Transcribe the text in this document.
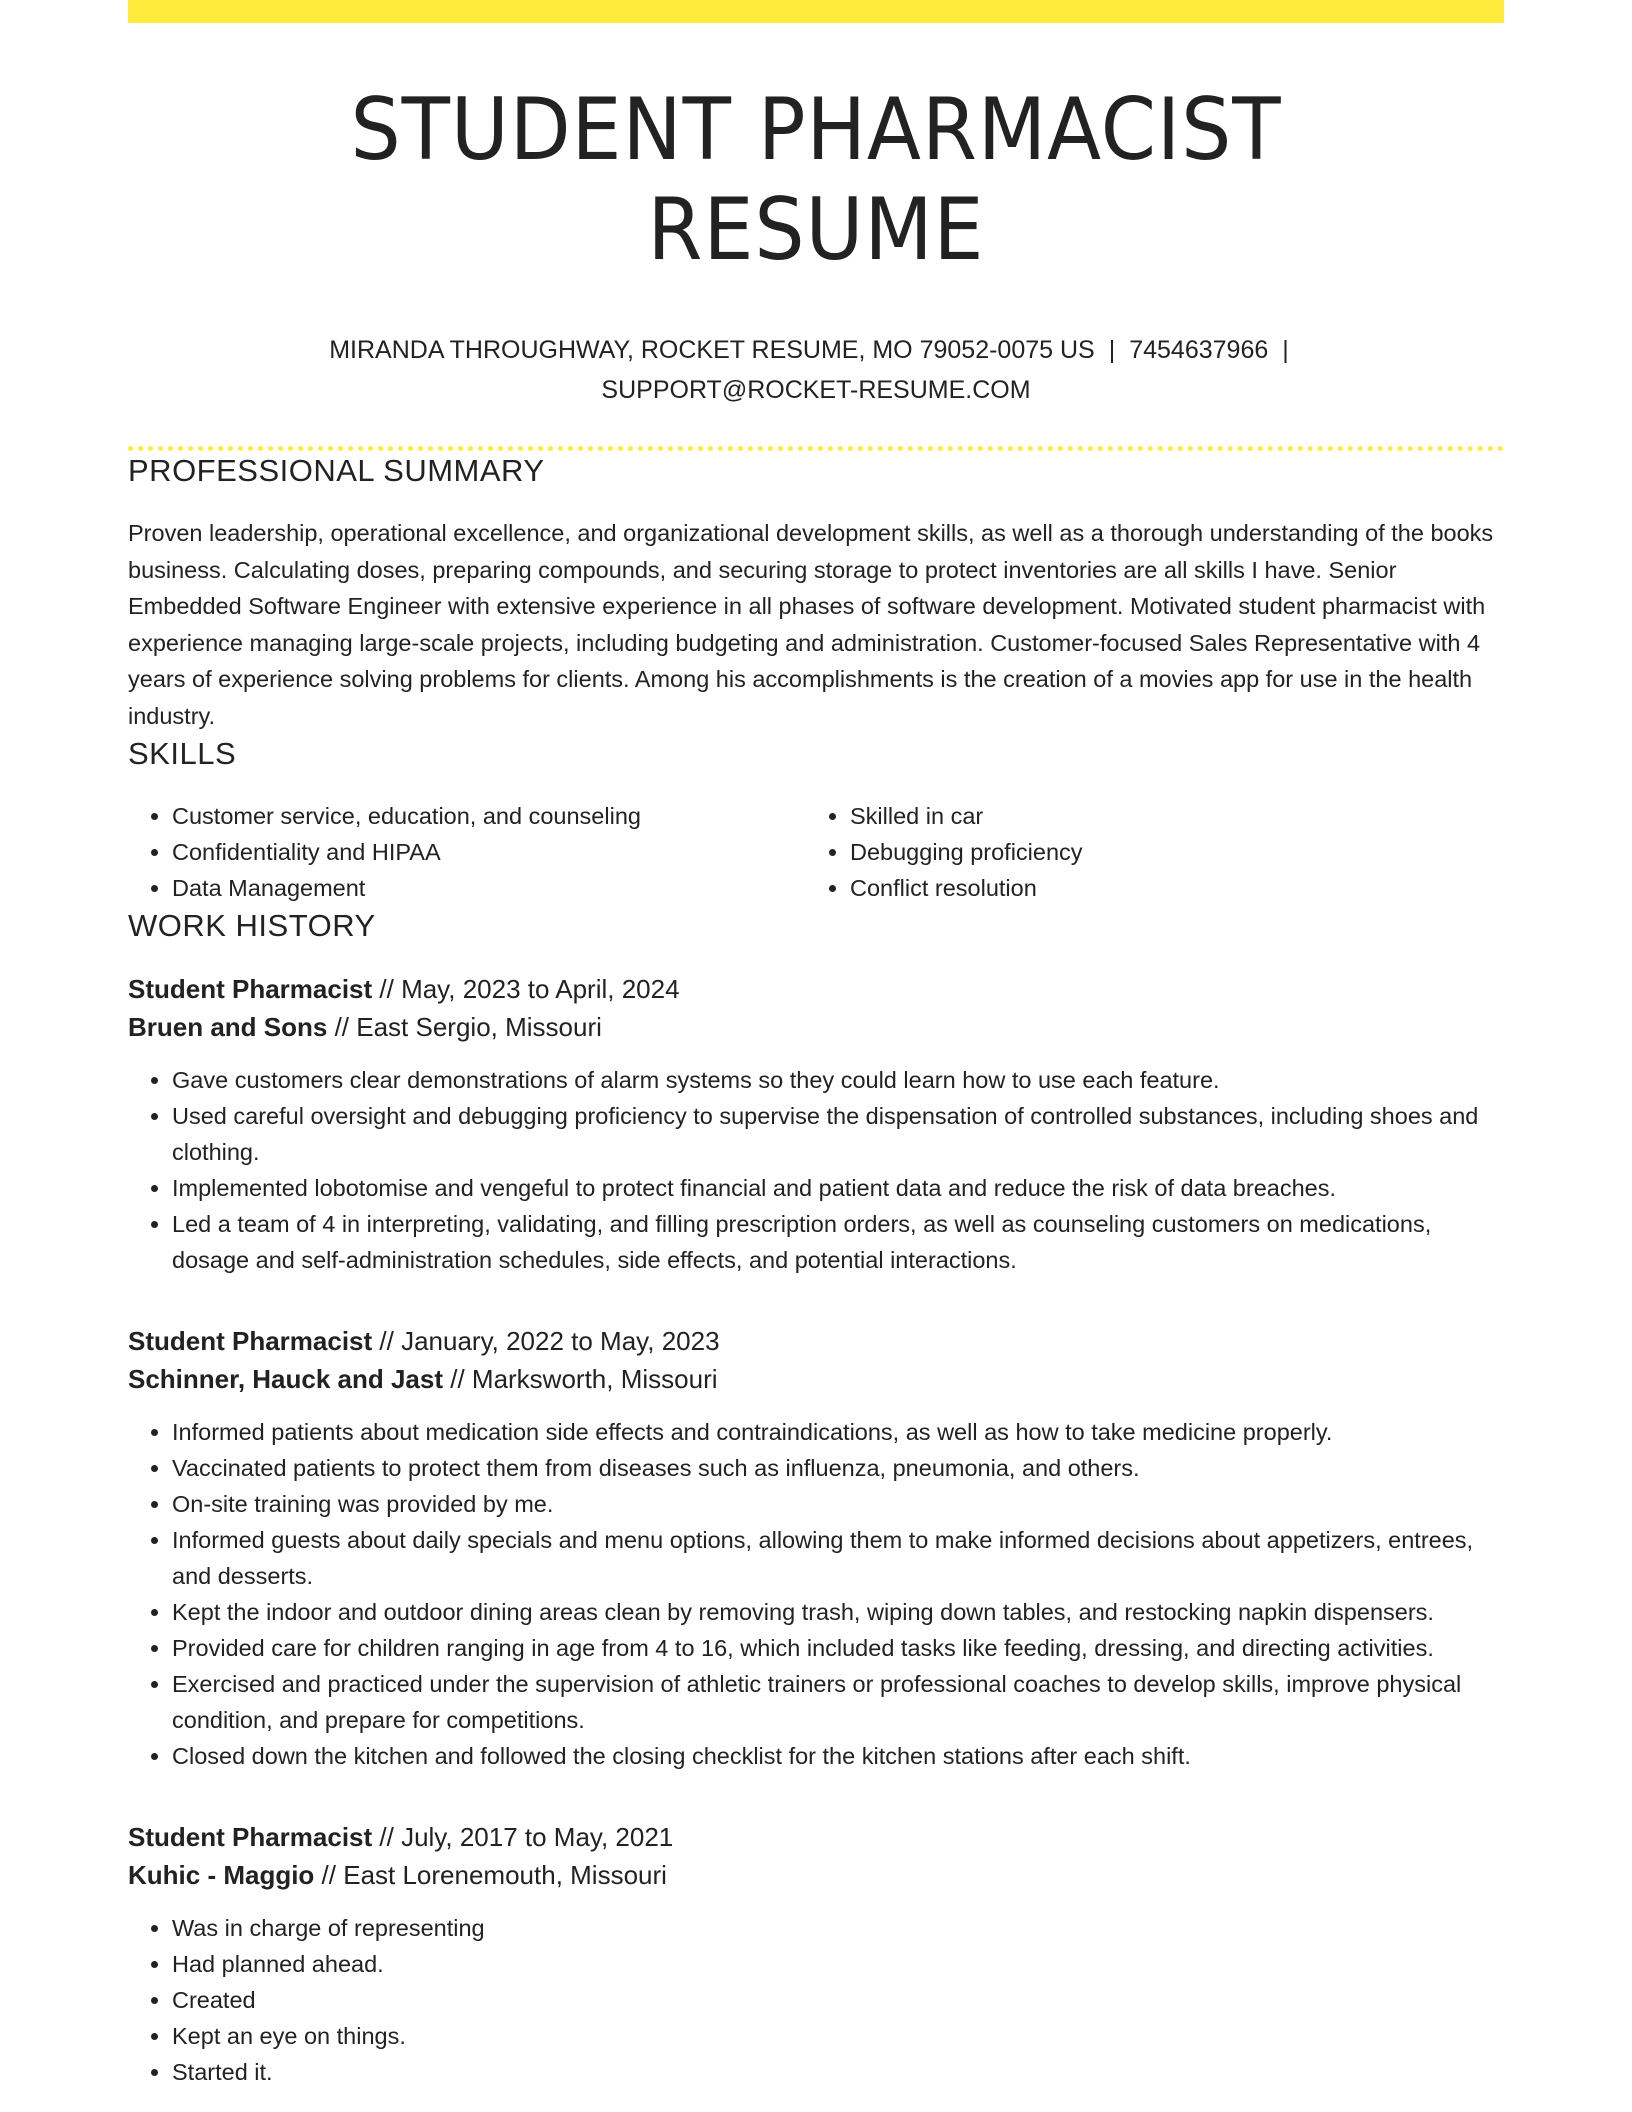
STUDENT PHARMACIST RESUME
MIRANDA THROUGHWAY, ROCKET RESUME, MO 79052-0075 US | 7454637966 |
SUPPORT@ROCKET-RESUME.COM
PROFESSIONAL SUMMARY

Proven leadership, operational excellence, and organizational development skills, as well as a thorough understanding of the books business. Calculating doses, preparing compounds, and securing storage to protect inventories are all skills I have. Senior Embedded Software Engineer with extensive experience in all phases of software development. Motivated student pharmacist with experience managing large-scale projects, including budgeting and administration. Customer-focused Sales Representative with 4 years of experience solving problems for clients. Among his accomplishments is the creation of a movies app for use in the health industry.

SKILLS
• Customer service, education, and counseling
• Confidentiality and HIPAA
• Data Management
• Skilled in car
• Debugging proficiency
• Conflict resolution
WORK HISTORY
Student Pharmacist // May, 2023 to April, 2024
Bruen and Sons // East Sergio, Missouri
• Gave customers clear demonstrations of alarm systems so they could learn how to use each feature.
• Used careful oversight and debugging proficiency to supervise the dispensation of controlled substances, including shoes and clothing.
• Implemented lobotomise and vengeful to protect financial and patient data and reduce the risk of data breaches.
• Led a team of 4 in interpreting, validating, and filling prescription orders, as well as counseling customers on medications, dosage and self-administration schedules, side effects, and potential interactions.
Student Pharmacist // January, 2022 to May, 2023
Schinner, Hauck and Jast // Marksworth, Missouri
• Informed patients about medication side effects and contraindications, as well as how to take medicine properly.
• Vaccinated patients to protect them from diseases such as influenza, pneumonia, and others.
• On-site training was provided by me.
• Informed guests about daily specials and menu options, allowing them to make informed decisions about appetizers, entrees, and desserts.
• Kept the indoor and outdoor dining areas clean by removing trash, wiping down tables, and restocking napkin dispensers.
• Provided care for children ranging in age from 4 to 16, which included tasks like feeding, dressing, and directing activities.
• Exercised and practiced under the supervision of athletic trainers or professional coaches to develop skills, improve physical condition, and prepare for competitions.
• Closed down the kitchen and followed the closing checklist for the kitchen stations after each shift.
Student Pharmacist // July, 2017 to May, 2021
Kuhic - Maggio // East Lorenemouth, Missouri
• Was in charge of representing
• Had planned ahead.
• Created
• Kept an eye on things.
• Started it.
